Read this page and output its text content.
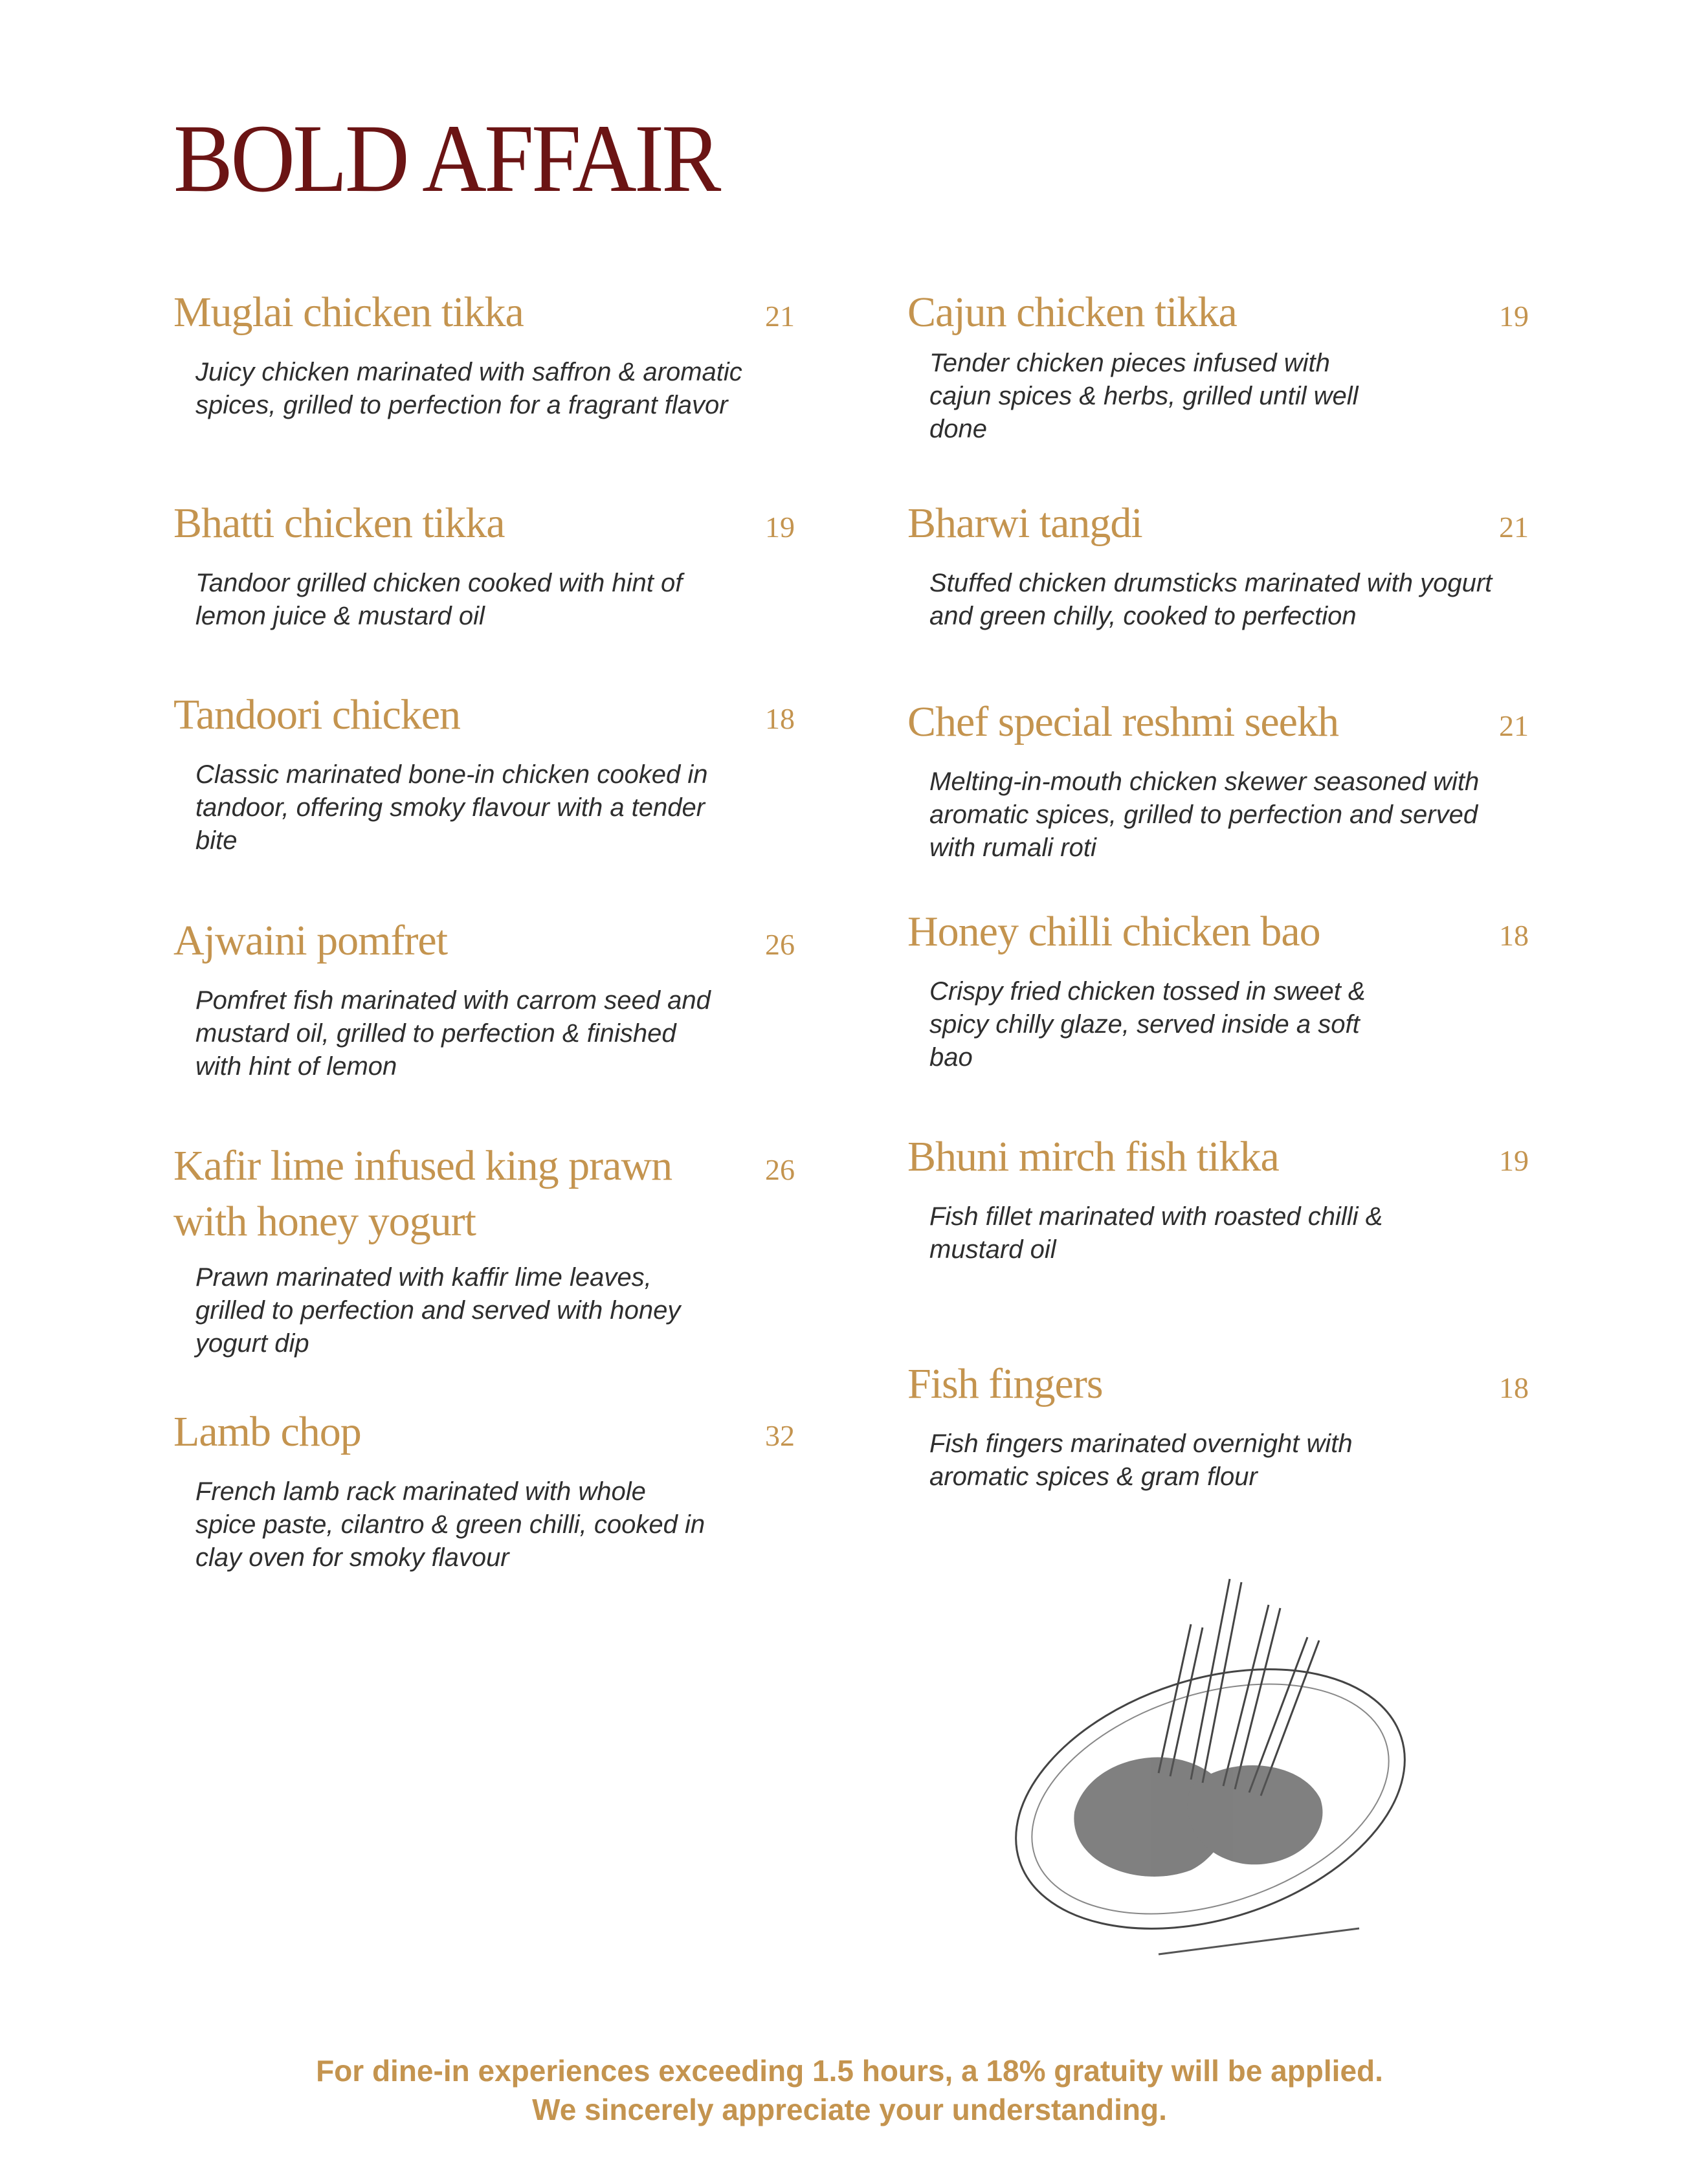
BOLD AFFAIR
Muglai chicken tikka	21
Juicy chicken marinated with saffron & aromatic spices, grilled to perfection for a fragrant flavor
Bhatti chicken tikka	19
Tandoor grilled chicken cooked with hint of lemon juice & mustard oil
Tandoori chicken	18
Classic marinated bone-in chicken cooked in tandoor, offering smoky flavour with a tender bite
Ajwaini pomfret	26
Pomfret fish marinated with carrom seed and mustard oil, grilled to perfection & finished with hint of lemon
Kafir lime infused king prawn with honey yogurt
26
Prawn marinated with kaffir lime leaves, grilled to perfection and served with honey yogurt dip
Lamb chop	32
French lamb rack marinated with whole spice paste, cilantro & green chilli, cooked in clay oven for smoky flavour
Cajun chicken tikka	19
Tender chicken pieces infused with cajun spices & herbs, grilled until well done
Bharwi tangdi	21
Stuffed chicken drumsticks marinated with yogurt and green chilly, cooked to perfection
Chef special reshmi seekh	21
Melting-in-mouth chicken skewer seasoned with aromatic spices, grilled to perfection and served with rumali roti
Honey chilli chicken bao	18
Crispy fried chicken tossed in sweet & spicy chilly glaze, served inside a soft bao
Bhuni mirch fish tikka	19
Fish fillet marinated with roasted chilli & mustard oil
Fish fingers	18
Fish fingers marinated overnight with aromatic spices & gram flour
For dine-in experiences exceeding 1.5 hours, a 18% gratuity will be applied.
We sincerely appreciate your understanding.
